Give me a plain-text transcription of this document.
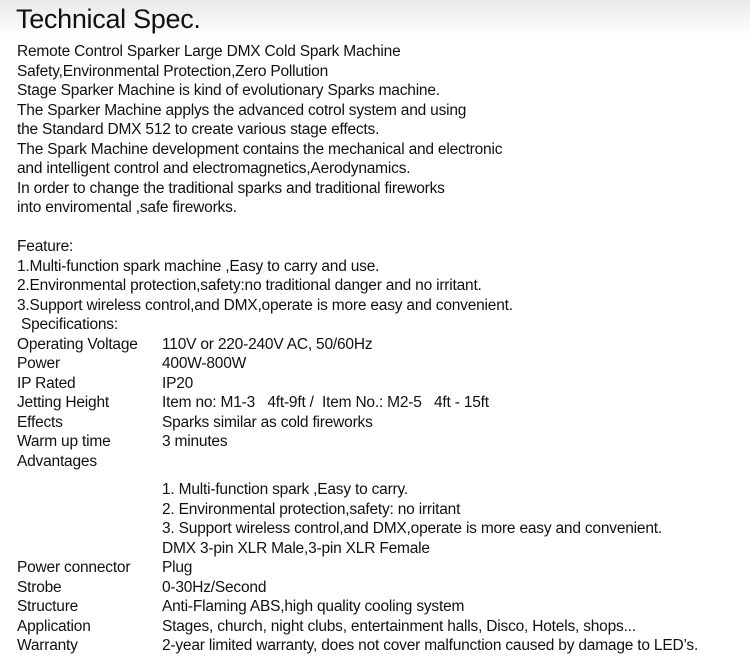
Technical Spec.
Remote Control Sparker Large DMX Cold Spark Machine
Safety,Environmental Protection,Zero Pollution
Stage Sparker Machine is kind of evolutionary Sparks machine.
The Sparker Machine applys the advanced cotrol system and using
the Standard DMX 512 to create various stage effects.
The Spark Machine development contains the mechanical and electronic
and intelligent control and electromagnetics,Aerodynamics.
In order to change the traditional sparks and traditional fireworks
into enviromental ,safe fireworks.
Feature:
1.Multi-function spark machine ,Easy to carry and use.
2.Environmental protection,safety:no traditional danger and no irritant.
3.Support wireless control,and DMX,operate is more easy and convenient.
Specifications:
Operating Voltage	110V or 220-240V AC, 50/60Hz
Power	400W-800W
IP Rated	IP20
Jetting Height	Item no: M1-3   4ft-9ft /  Item No.: M2-5   4ft - 15ft
Effects	Sparks similar as cold fireworks
Warm up time	3 minutes
Advantages
1. Multi-function spark ,Easy to carry.
2. Environmental protection,safety: no irritant
3. Support wireless control,and DMX,operate is more easy and convenient.
DMX 3-pin XLR Male,3-pin XLR Female
Power connector	Plug
Strobe	0-30Hz/Second
Structure	Anti-Flaming ABS,high quality cooling system
Application	Stages, church, night clubs, entertainment halls, Disco, Hotels, shops...
Warranty	2-year limited warranty, does not cover malfunction caused by damage to LED’s.
